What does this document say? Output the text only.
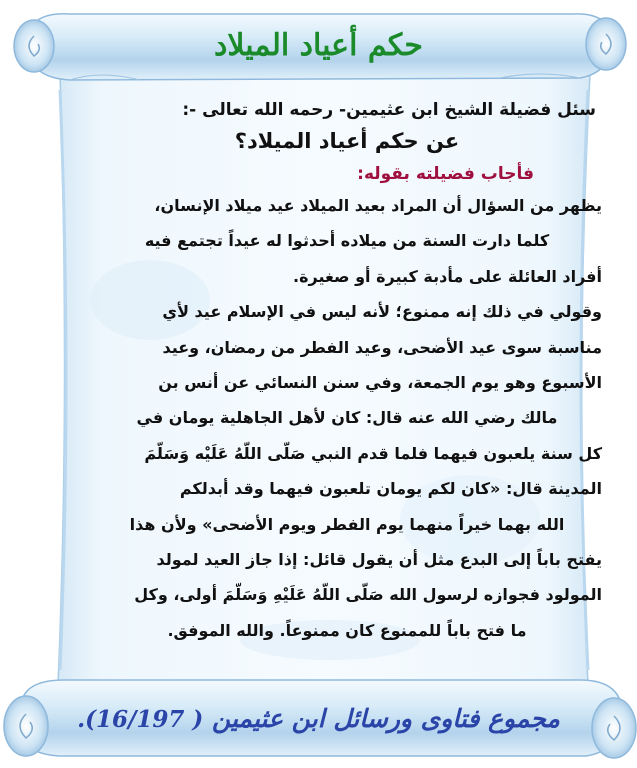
حكم أعياد الميلاد

سئل فضيلة الشيخ ابن عثيمين- رحمه الله تعالى -:

عن حكم أعياد الميلاد؟

فأجاب فضيلته بقوله:

يظهر من السؤال أن المراد بعيد الميلاد عيد ميلاد الإنسان،
كلما دارت السنة من ميلاده أحدثوا له عيداً تجتمع فيه
أفراد العائلة على مأدبة كبيرة أو صغيرة.
وقولي في ذلك إنه ممنوع؛ لأنه ليس في الإسلام عيد لأي
مناسبة سوى عيد الأضحى، وعيد الفطر من رمضان، وعيد
الأسبوع وهو يوم الجمعة، وفي سنن النسائي عن أنس بن
مالك رضي الله عنه قال: كان لأهل الجاهلية يومان في
كل سنة يلعبون فيهما فلما قدم النبي صَلّى اللّهُ عَلَيْه وَسَلّمَ
المدينة قال: «كان لكم يومان تلعبون فيهما وقد أبدلكم
الله بهما خيراً منهما يوم الفطر ويوم الأضحى» ولأن هذا
يفتح باباً إلى البدع مثل أن يقول قائل: إذا جاز العيد لمولد
المولود فجوازه لرسول الله صَلّى اللّهُ عَلَيْهِ وَسَلّمَ أولى، وكل
ما فتح باباً للممنوع كان ممنوعاً. والله الموفق.
مجموع فتاوى ورسائل ابن عثيمين ( 16/197).
